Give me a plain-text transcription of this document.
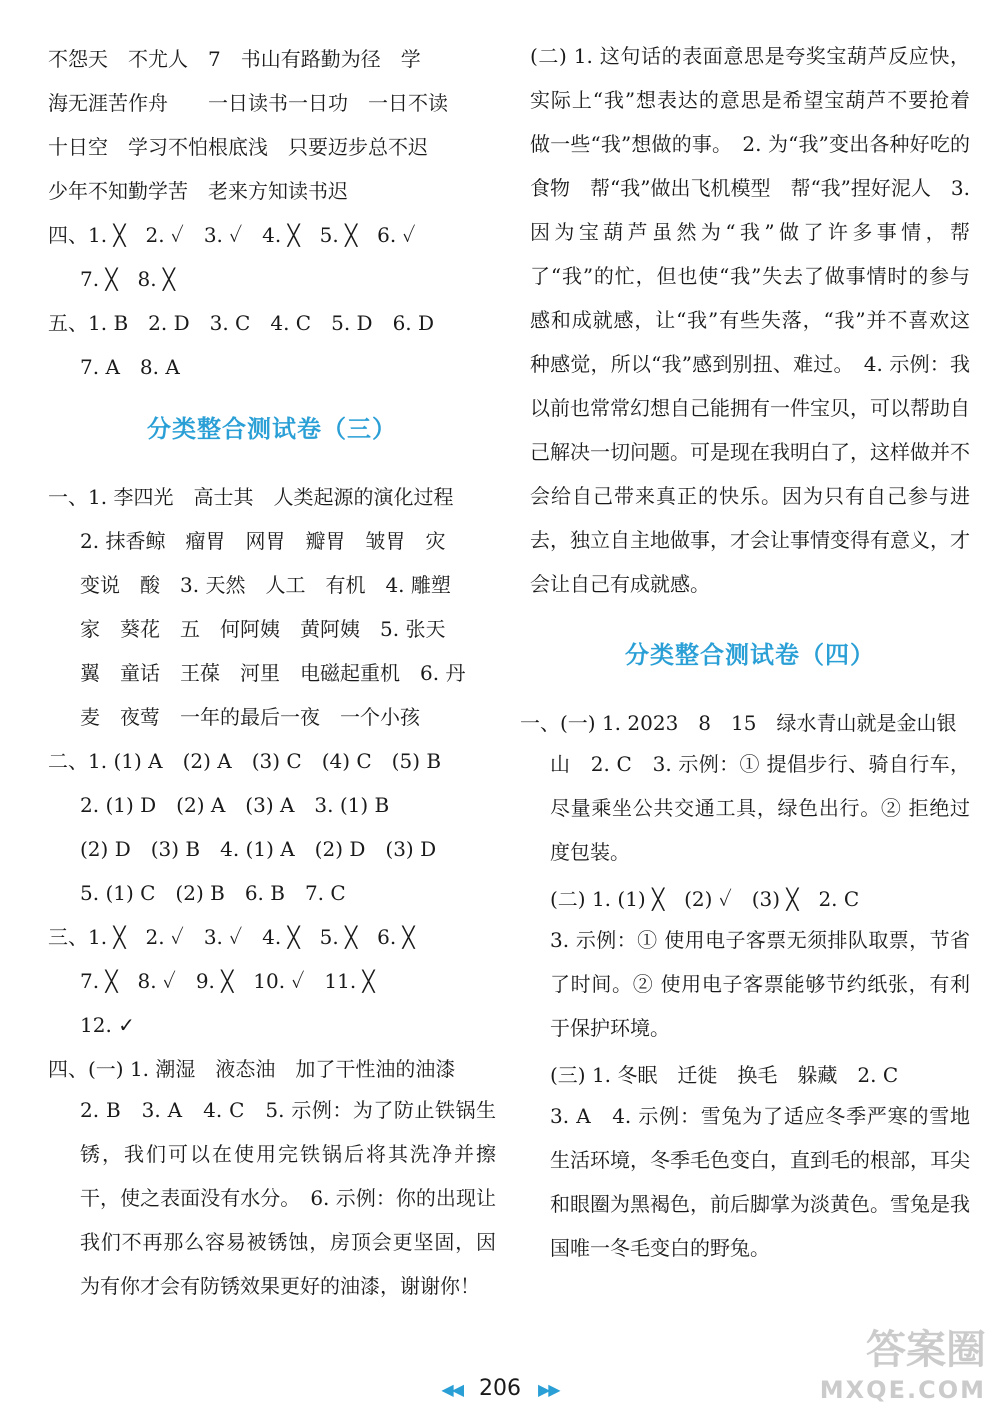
不怨天　不尤人　7　书山有路勤为径　学
海无涯苦作舟　　一日读书一日功　一日不读
十日空　学习不怕根底浅　只要迈步总不迟
少年不知勤学苦　老来方知读书迟
四、1. ╳　2. ✓　3. ✓　4. ╳　5. ╳　6. ✓
7. ╳　8. ╳
五、1. B　2. D　3. C　4. C　5. D　6. D
7. A　8. A
分类整合测试卷（三）
一、1. 李四光　高士其　人类起源的演化过程
2. 抹香鲸　瘤胃　网胃　瓣胃　皱胃　灾
变说　酸　3. 天然　人工　有机　4. 雕塑
家　葵花　五　何阿姨　黄阿姨　5. 张天
翼　童话　王葆　河里　电磁起重机　6. 丹
麦　夜莺　一年的最后一夜　一个小孩
二、1. (1) A　(2) A　(3) C　(4) C　(5) B
2. (1) D　(2) A　(3) A　3. (1) B
(2) D　(3) B　4. (1) A　(2) D　(3) D
5. (1) C　(2) B　6. B　7. C
三、1. ╳　2. ✓　3. ✓　4. ╳　5. ╳　6. ╳
7. ╳　8. ✓　9. ╳　10. ✓　11. ╳
12. ✓
四、(一) 1. 潮湿　液态油　加了干性油的油漆
2. B　3. A　4. C　5. 示例：为了防止铁锅生锈，我们可以在使用完铁锅后将其洗净并擦干，使之表面没有水分。　6. 示例：你的出现让我们不再那么容易被锈蚀，房顶会更坚固，因为有你才会有防锈效果更好的油漆，谢谢你！
(二) 1. 这句话的表面意思是夸奖宝葫芦反应快，实际上“我”想表达的意思是希望宝葫芦不要抢着做一些“我”想做的事。　2. 为“我”变出各种好吃的食物　帮“我”做出飞机模型　帮“我”捏好泥人　3. 因为宝葫芦虽然为“我”做了许多事情，帮了“我”的忙，但也使“我”失去了做事情时的参与感和成就感，让“我”有些失落，“我”并不喜欢这种感觉，所以“我”感到别扭、难过。　4. 示例：我以前也常常幻想自己能拥有一件宝贝，可以帮助自己解决一切问题。可是现在我明白了，这样做并不会给自己带来真正的快乐。因为只有自己参与进去，独立自主地做事，才会让事情变得有意义，才会让自己有成就感。
分类整合测试卷（四）
一、(一) 1. 2023　8　15　绿水青山就是金山银
山　2. C　3. 示例：① 提倡步行、骑自行车，尽量乘坐公共交通工具，绿色出行。② 拒绝过度包装。
(二) 1. (1) ╳　(2) ✓　(3) ╳　2. C
3. 示例：① 使用电子客票无须排队取票，节省了时间。② 使用电子客票能够节约纸张，有利于保护环境。
(三) 1. 冬眠　迁徙　换毛　躲藏　2. C
3. A　4. 示例：雪兔为了适应冬季严寒的雪地生活环境，冬季毛色变白，直到毛的根部，耳尖和眼圈为黑褐色，前后脚掌为淡黄色。雪兔是我国唯一冬毛变白的野兔。
答案圈
MXQE.COM
◀◀ 206 ▶▶
